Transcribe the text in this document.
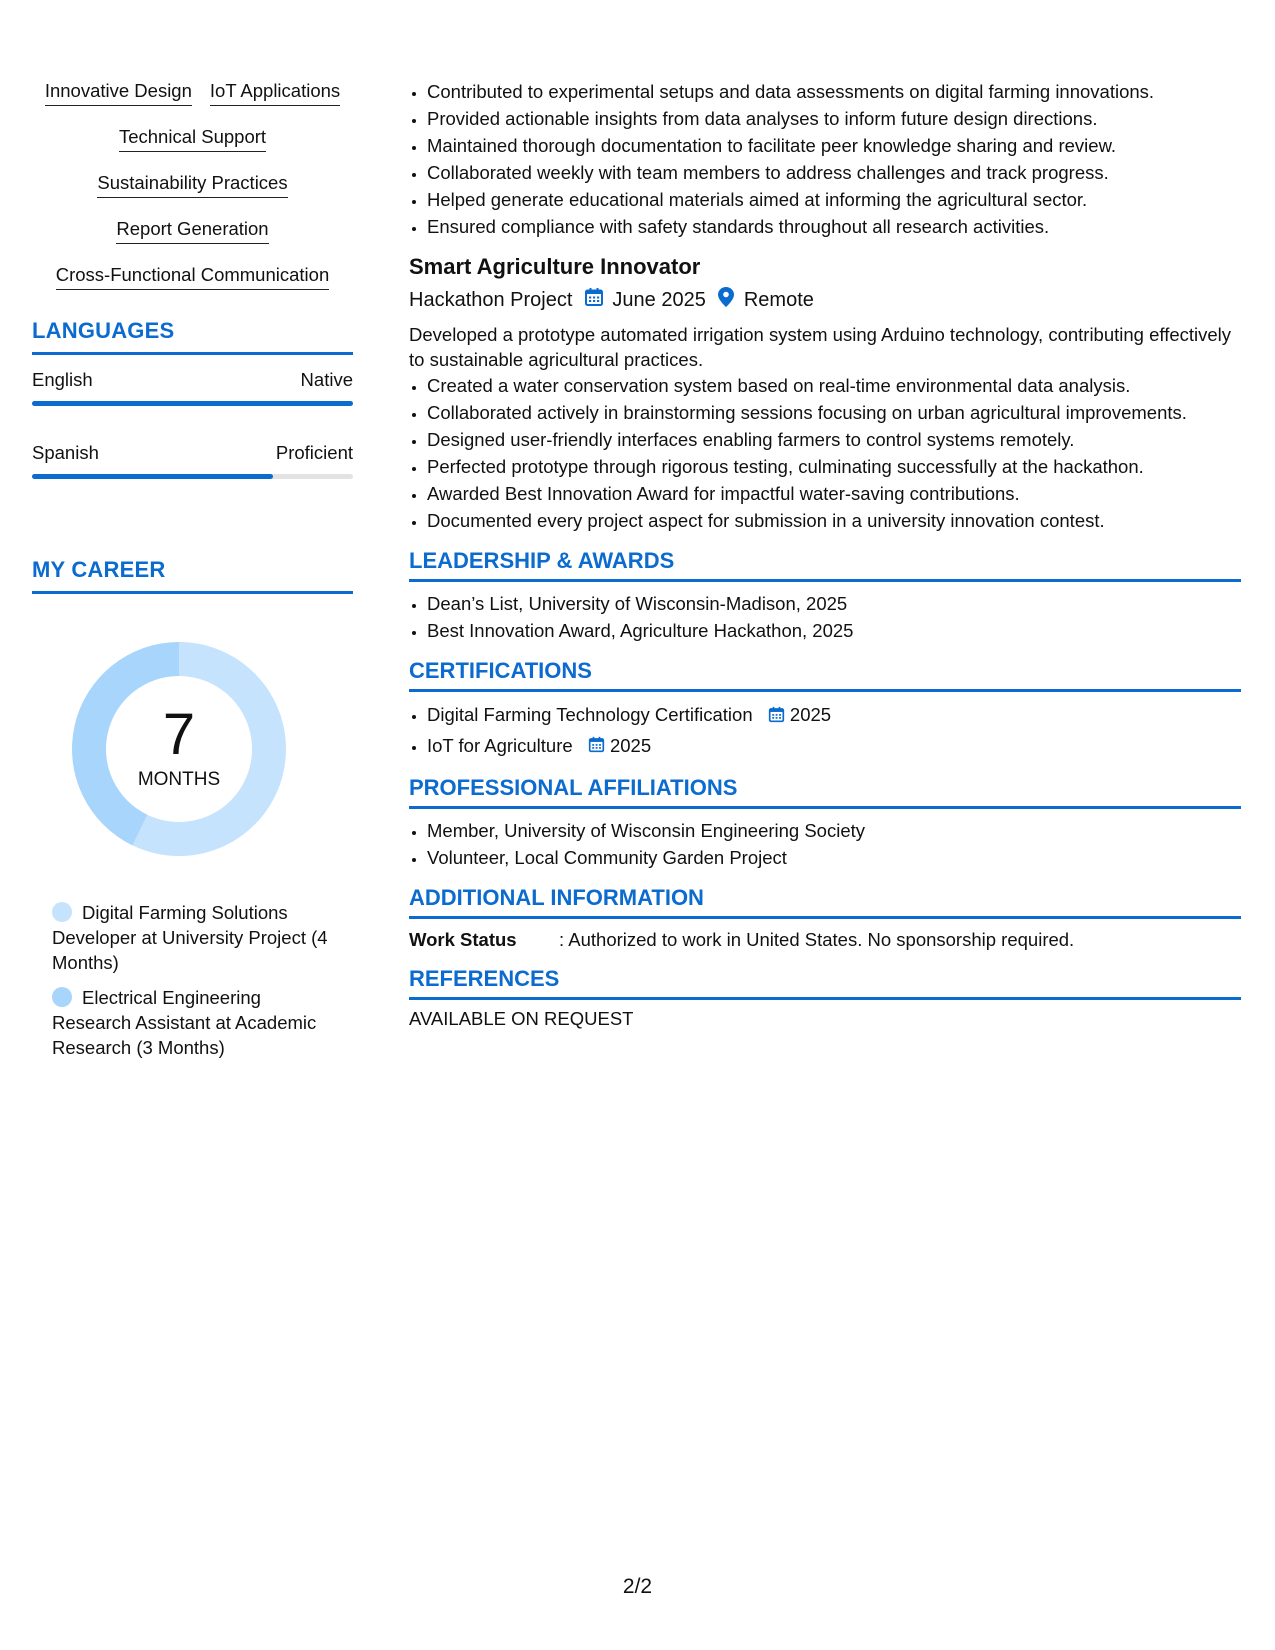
Innovative Design IoT Applications
Technical Support
Sustainability Practices
Report Generation
Cross-Functional Communication
LANGUAGES
English	Native
Spanish	Proficient
MY CAREER
7
MONTHS
Digital Farming Solutions Developer at University Project (4 Months)
Electrical Engineering Research Assistant at Academic Research (3 Months)
• Contributed to experimental setups and data assessments on digital farming innovations.
• Provided actionable insights from data analyses to inform future design directions.
• Maintained thorough documentation to facilitate peer knowledge sharing and review.
• Collaborated weekly with team members to address challenges and track progress.
• Helped generate educational materials aimed at informing the agricultural sector.
• Ensured compliance with safety standards throughout all research activities.
Smart Agriculture Innovator
Hackathon Project June 2025 Remote
Developed a prototype automated irrigation system using Arduino technology, contributing effectively to sustainable agricultural practices.
• Created a water conservation system based on real-time environmental data analysis.
• Collaborated actively in brainstorming sessions focusing on urban agricultural improvements.
• Designed user-friendly interfaces enabling farmers to control systems remotely.
• Perfected prototype through rigorous testing, culminating successfully at the hackathon.
• Awarded Best Innovation Award for impactful water-saving contributions.
• Documented every project aspect for submission in a university innovation contest.
LEADERSHIP & AWARDS
• Dean’s List, University of Wisconsin-Madison, 2025
• Best Innovation Award, Agriculture Hackathon, 2025
CERTIFICATIONS
• Digital Farming Technology Certification 2025
• IoT for Agriculture 2025
PROFESSIONAL AFFILIATIONS
• Member, University of Wisconsin Engineering Society
• Volunteer, Local Community Garden Project
ADDITIONAL INFORMATION
Work Status	: Authorized to work in United States. No sponsorship required.
REFERENCES
AVAILABLE ON REQUEST
2/2
